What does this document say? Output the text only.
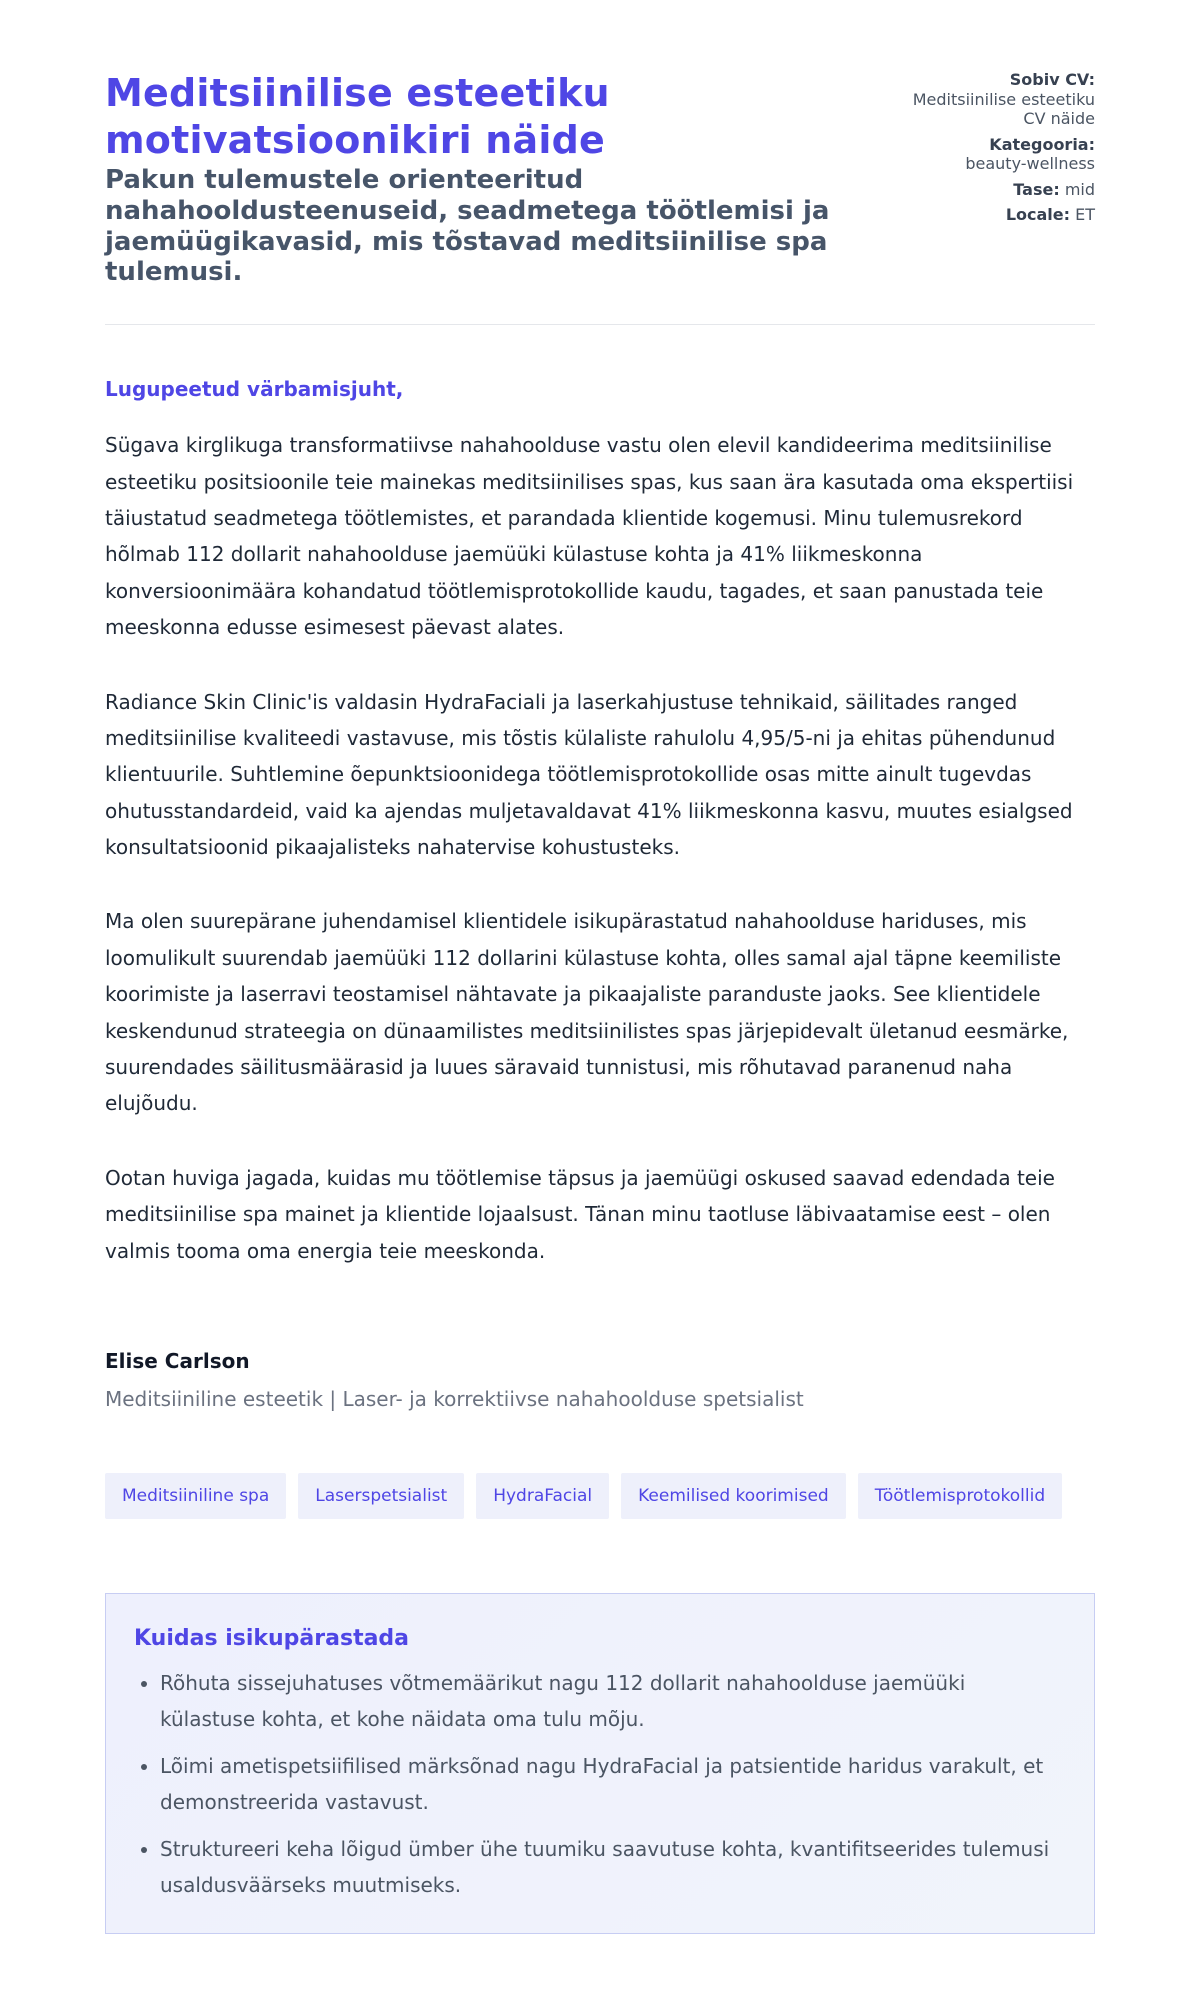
Meditsiinilise esteetiku motivatsioonikiri näide
Pakun tulemustele orienteeritud nahahooldusteenuseid, seadmetega töötlemisi ja jaemüügikavasid, mis tõstavad meditsiinilise spa tulemusi.
Sobiv CV:
Meditsiinilise esteetiku CV näide
Kategooria:
beauty-wellness
Tase: mid
Locale: ET
Lugupeetud värbamisjuht,

Sügava kirglikuga transformatiivse nahahoolduse vastu olen elevil kandideerima meditsiinilise esteetiku positsioonile teie mainekas meditsiinilises spas, kus saan ära kasutada oma ekspertiisi täiustatud seadmetega töötlemistes, et parandada klientide kogemusi. Minu tulemusrekord hõlmab 112 dollarit nahahoolduse jaemüüki külastuse kohta ja 41% liikmeskonna konversioonimäära kohandatud töötlemisprotokollide kaudu, tagades, et saan panustada teie meeskonna edusse esimesest päevast alates.

Radiance Skin Clinic'is valdasin HydraFaciali ja laserkahjustuse tehnikaid, säilitades ranged meditsiinilise kvaliteedi vastavuse, mis tõstis külaliste rahulolu 4,95/5-ni ja ehitas pühendunud klientuurile. Suhtlemine õepunktsioonidega töötlemisprotokollide osas mitte ainult tugevdas ohutusstandardeid, vaid ka ajendas muljetavaldavat 41% liikmeskonna kasvu, muutes esialgsed konsultatsioonid pikaajalisteks nahatervise kohustusteks.

Ma olen suurepärane juhendamisel klientidele isikupärastatud nahahoolduse hariduses, mis loomulikult suurendab jaemüüki 112 dollarini külastuse kohta, olles samal ajal täpne keemiliste koorimiste ja laserravi teostamisel nähtavate ja pikaajaliste paranduste jaoks. See klientidele keskendunud strateegia on dünaamilistes meditsiinilistes spas järjepidevalt ületanud eesmärke, suurendades säilitusmäärasid ja luues säravaid tunnistusi, mis rõhutavad paranenud naha elujõudu.

Ootan huviga jagada, kuidas mu töötlemise täpsus ja jaemüügi oskused saavad edendada teie meditsiinilise spa mainet ja klientide lojaalsust. Tänan minu taotluse läbivaatamise eest – olen valmis tooma oma energia teie meeskonda.

Elise Carlson
Meditsiiniline esteetik | Laser- ja korrektiivse nahahoolduse spetsialist
Meditsiiniline spa	Laserspetsialist	HydraFacial	Keemilised koorimised	Töötlemisprotokollid
Kuidas isikupärastada
• Rõhuta sissejuhatuses võtmemäärikut nagu 112 dollarit nahahoolduse jaemüüki külastuse kohta, et kohe näidata oma tulu mõju.
• Lõimi ametispetsiifilised märksõnad nagu HydraFacial ja patsientide haridus varakult, et demonstreerida vastavust.
• Struktureeri keha lõigud ümber ühe tuumiku saavutuse kohta, kvantifitseerides tulemusi usaldusväärseks muutmiseks.
